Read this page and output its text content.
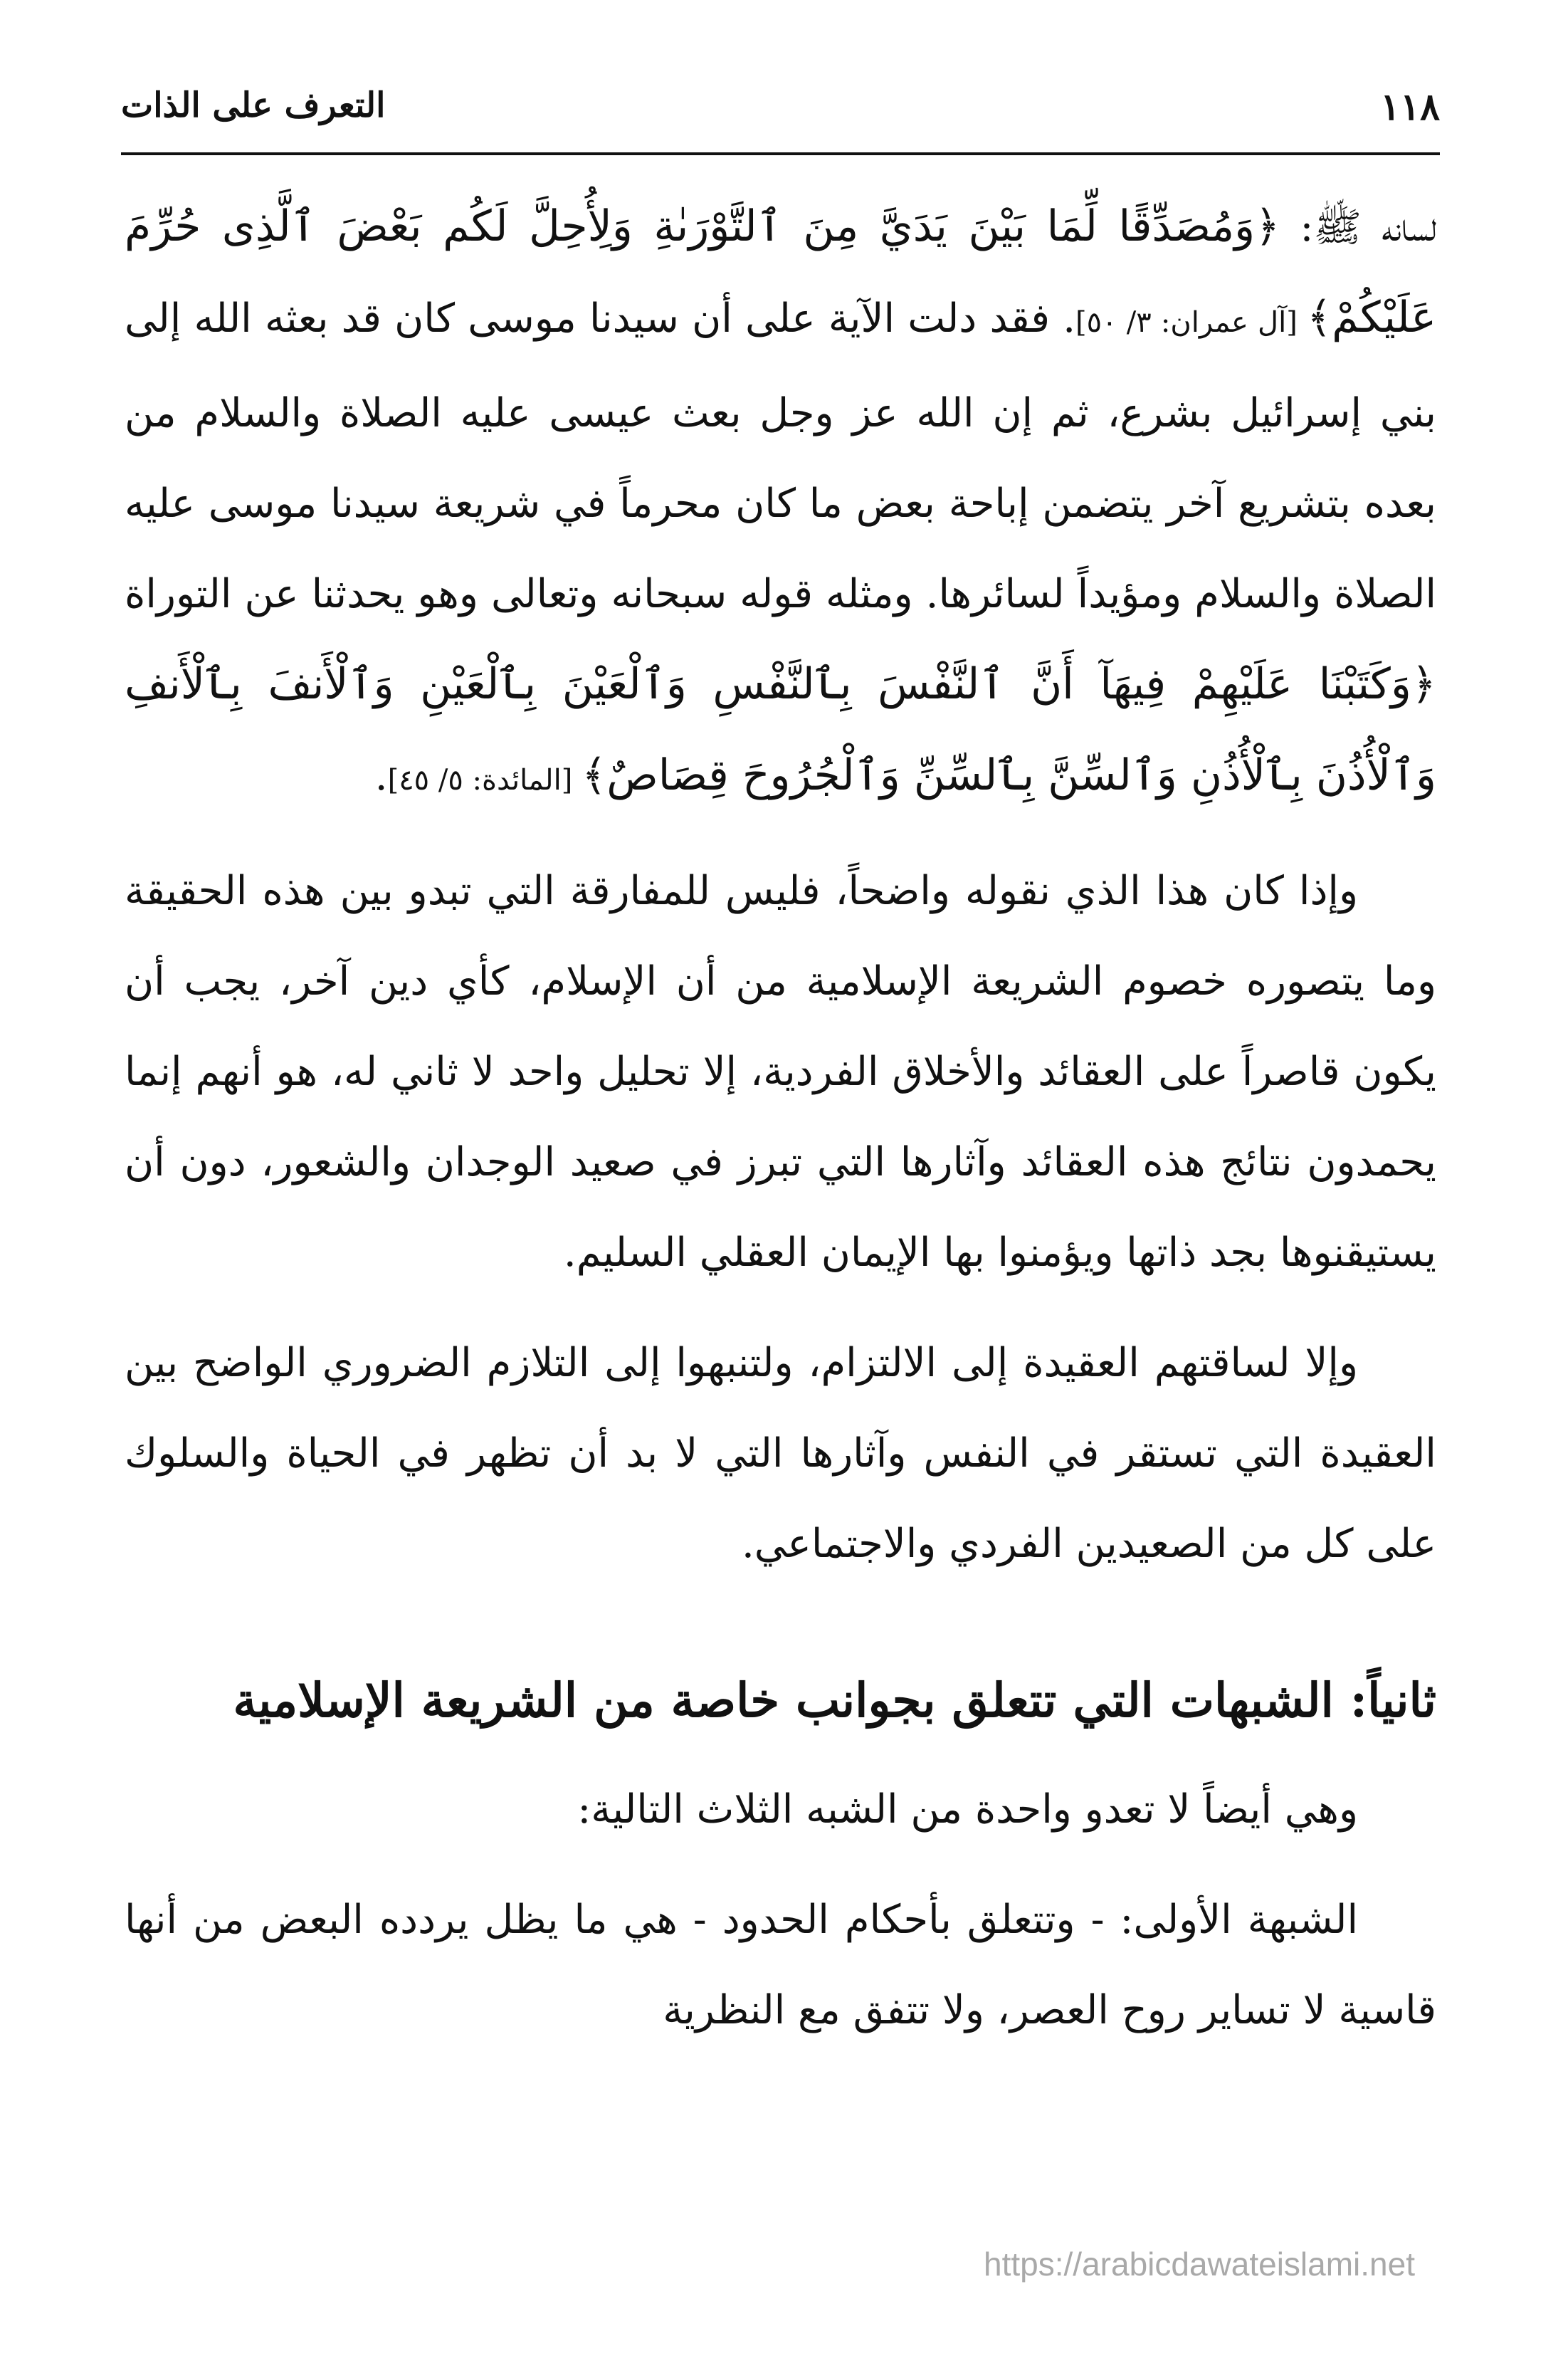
١١٨
التعرف على الذات

لسانه ﷺ: ﴿وَمُصَدِّقًا لِّمَا بَيْنَ يَدَيَّ مِنَ ٱلتَّوْرَىٰةِ وَلِأُحِلَّ لَكُم بَعْضَ ٱلَّذِى حُرِّمَ عَلَيْكُمْ﴾ [آل عمران: ٣/ ٥٠]. فقد دلت الآية على أن سيدنا موسى كان قد بعثه الله إلى بني إسرائيل بشرع، ثم إن الله عز وجل بعث عيسى عليه الصلاة والسلام من بعده بتشريع آخر يتضمن إباحة بعض ما كان محرماً في شريعة سيدنا موسى عليه الصلاة والسلام ومؤيداً لسائرها. ومثله قوله سبحانه وتعالى وهو يحدثنا عن التوراة ﴿وَكَتَبْنَا عَلَيْهِمْ فِيهَآ أَنَّ ٱلنَّفْسَ بِٱلنَّفْسِ وَٱلْعَيْنَ بِٱلْعَيْنِ وَٱلْأَنفَ بِٱلْأَنفِ وَٱلْأُذُنَ بِٱلْأُذُنِ وَٱلسِّنَّ بِٱلسِّنِّ وَٱلْجُرُوحَ قِصَاصٌ﴾ [المائدة: ٥/ ٤٥].

وإذا كان هذا الذي نقوله واضحاً، فليس للمفارقة التي تبدو بين هذه الحقيقة وما يتصوره خصوم الشريعة الإسلامية من أن الإسلام، كأي دين آخر، يجب أن يكون قاصراً على العقائد والأخلاق الفردية، إلا تحليل واحد لا ثاني له، هو أنهم إنما يحمدون نتائج هذه العقائد وآثارها التي تبرز في صعيد الوجدان والشعور، دون أن يستيقنوها بجد ذاتها ويؤمنوا بها الإيمان العقلي السليم.

وإلا لساقتهم العقيدة إلى الالتزام، ولتنبهوا إلى التلازم الضروري الواضح بين العقيدة التي تستقر في النفس وآثارها التي لا بد أن تظهر في الحياة والسلوك على كل من الصعيدين الفردي والاجتماعي.

ثانياً: الشبهات التي تتعلق بجوانب خاصة من الشريعة الإسلامية

وهي أيضاً لا تعدو واحدة من الشبه الثلاث التالية:

الشبهة الأولى: - وتتعلق بأحكام الحدود - هي ما يظل يردده البعض من أنها قاسية لا تساير روح العصر، ولا تتفق مع النظرية

https://arabicdawateislami.net
